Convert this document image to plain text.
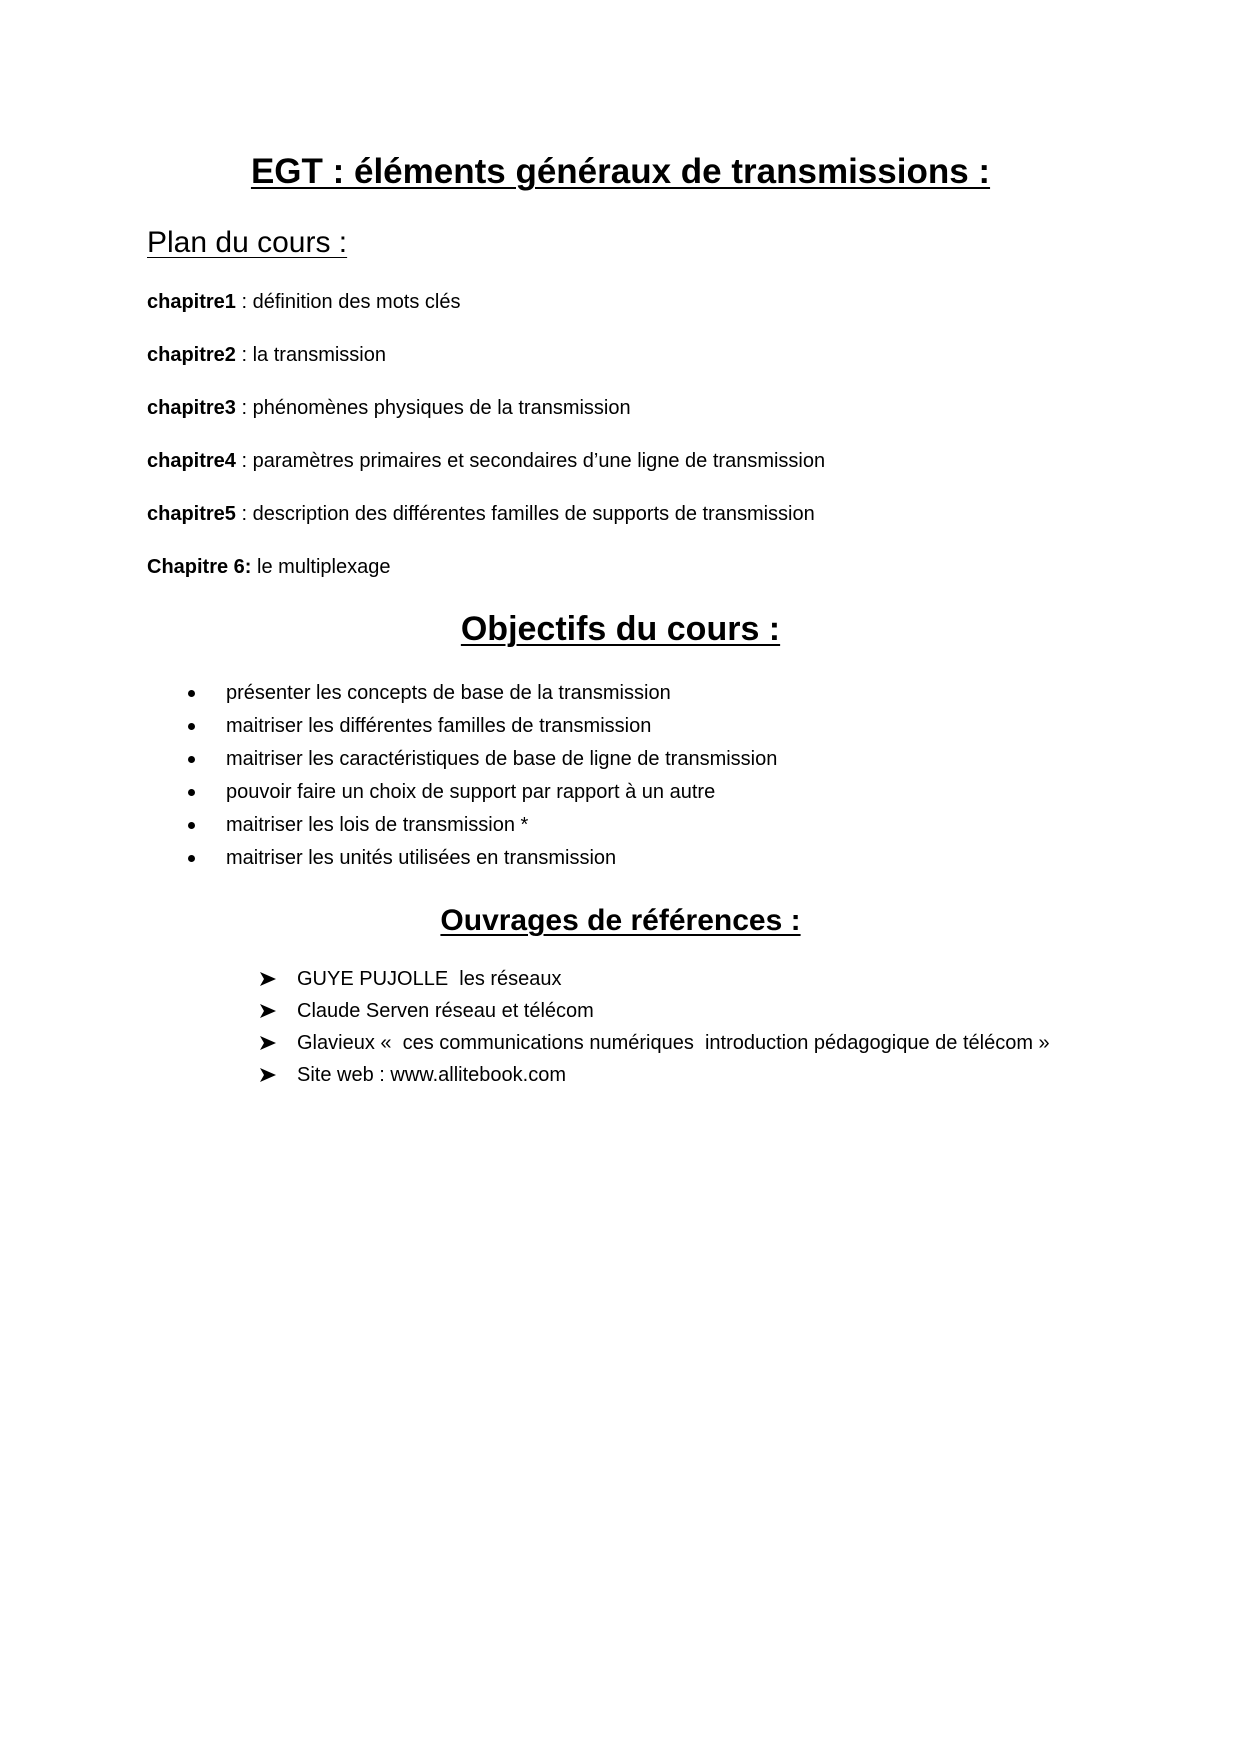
EGT : éléments généraux de transmissions :
Plan du cours :
chapitre1 : définition des mots clés
chapitre2 : la transmission
chapitre3 : phénomènes physiques de la transmission
chapitre4 : paramètres primaires et secondaires d’une ligne de transmission
chapitre5 : description des différentes familles de supports de transmission
Chapitre 6: le multiplexage
Objectifs du cours :
présenter les concepts de base de la transmission
maitriser les différentes familles de transmission
maitriser les caractéristiques de base de ligne de transmission
pouvoir faire un choix de support par rapport à un autre
maitriser les lois de transmission *
maitriser les unités utilisées en transmission
Ouvrages de références :
GUYE PUJOLLE  les réseaux
Claude Serven réseau et télécom
Glavieux «  ces communications numériques  introduction pédagogique de télécom »
Site web : www.allitebook.com
